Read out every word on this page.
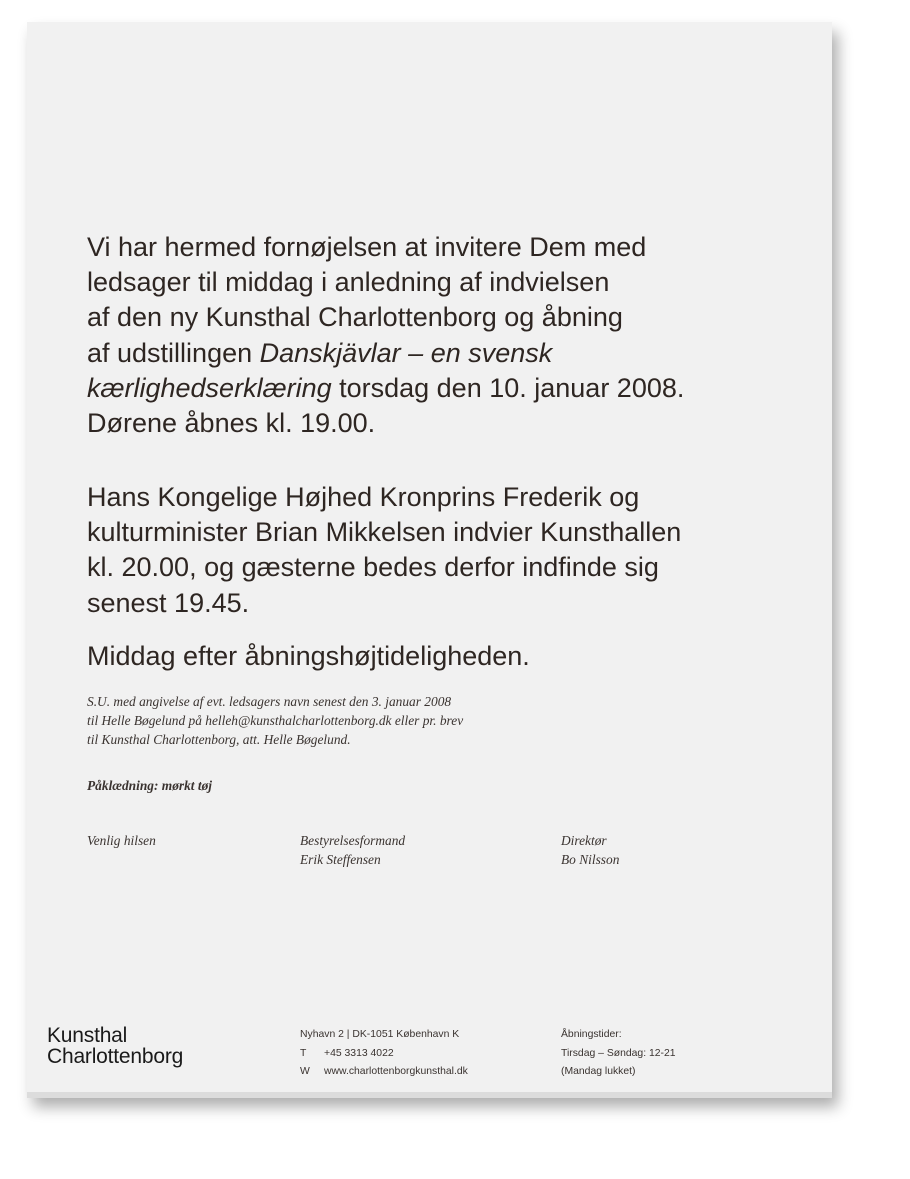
Vi har hermed fornøjelsen at invitere Dem med
ledsager til middag i anledning af indvielsen
af den ny Kunsthal Charlottenborg og åbning
af udstillingen Danskjävlar – en svensk
kærlighedserklæring torsdag den 10. januar 2008.
Dørene åbnes kl. 19.00.

Hans Kongelige Højhed Kronprins Frederik og
kulturminister Brian Mikkelsen indvier Kunsthallen
kl. 20.00, og gæsterne bedes derfor indfinde sig
senest 19.45.

Middag efter åbningshøjtideligheden.

S.U. med angivelse af evt. ledsagers navn senest den 3. januar 2008
til Helle Bøgelund på helleh@kunsthalcharlottenborg.dk eller pr. brev
til Kunsthal Charlottenborg, att. Helle Bøgelund.

Påklædning: mørkt tøj

Venlig hilsen	Bestyrelsesformand
Erik Steffensen

Direktør
Bo Nilsson

Kunsthal
Charlottenborg

Nyhavn 2 | DK-1051 København K
T +45 3313 4022
W www.charlottenborgkunsthal.dk

Åbningstider:
Tirsdag – Søndag: 12-21
(Mandag lukket)
